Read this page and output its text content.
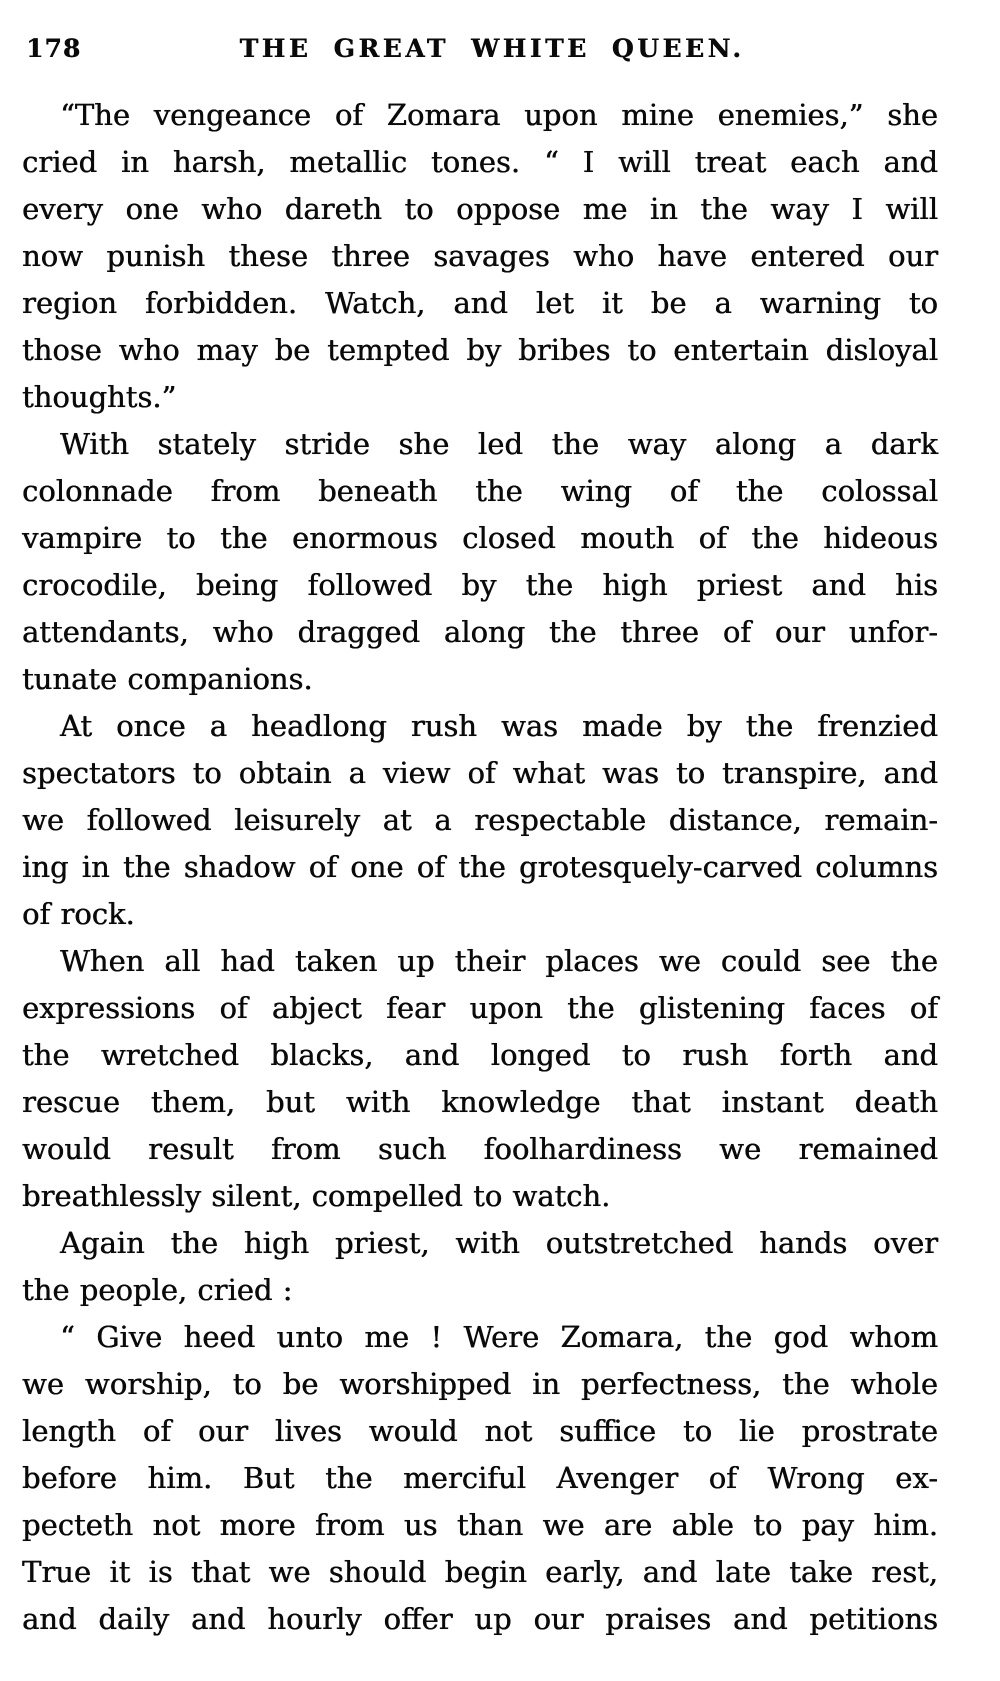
178	THE GREAT WHITE QUEEN.
“The vengeance of Zomara upon mine enemies,” she
cried in harsh, metallic tones. “ I will treat each and
every one who dareth to oppose me in the way I will
now punish these three savages who have entered our
region forbidden. Watch, and let it be a warning to
those who may be tempted by bribes to entertain disloyal
thoughts.”
With stately stride she led the way along a dark
colonnade from beneath the wing of the colossal
vampire to the enormous closed mouth of the hideous
crocodile, being followed by the high priest and his
attendants, who dragged along the three of our unfor-
tunate companions.
At once a headlong rush was made by the frenzied
spectators to obtain a view of what was to transpire, and
we followed leisurely at a respectable distance, remain-
ing in the shadow of one of the grotesquely-carved columns
of rock.
When all had taken up their places we could see the
expressions of abject fear upon the glistening faces of
the wretched blacks, and longed to rush forth and
rescue them, but with knowledge that instant death
would result from such foolhardiness we remained
breathlessly silent, compelled to watch.
Again the high priest, with outstretched hands over
the people, cried :
“ Give heed unto me ! Were Zomara, the god whom
we worship, to be worshipped in perfectness, the whole
length of our lives would not suffice to lie prostrate
before him. But the merciful Avenger of Wrong ex-
pecteth not more from us than we are able to pay him.
True it is that we should begin early, and late take rest,
and daily and hourly offer up our praises and petitions
